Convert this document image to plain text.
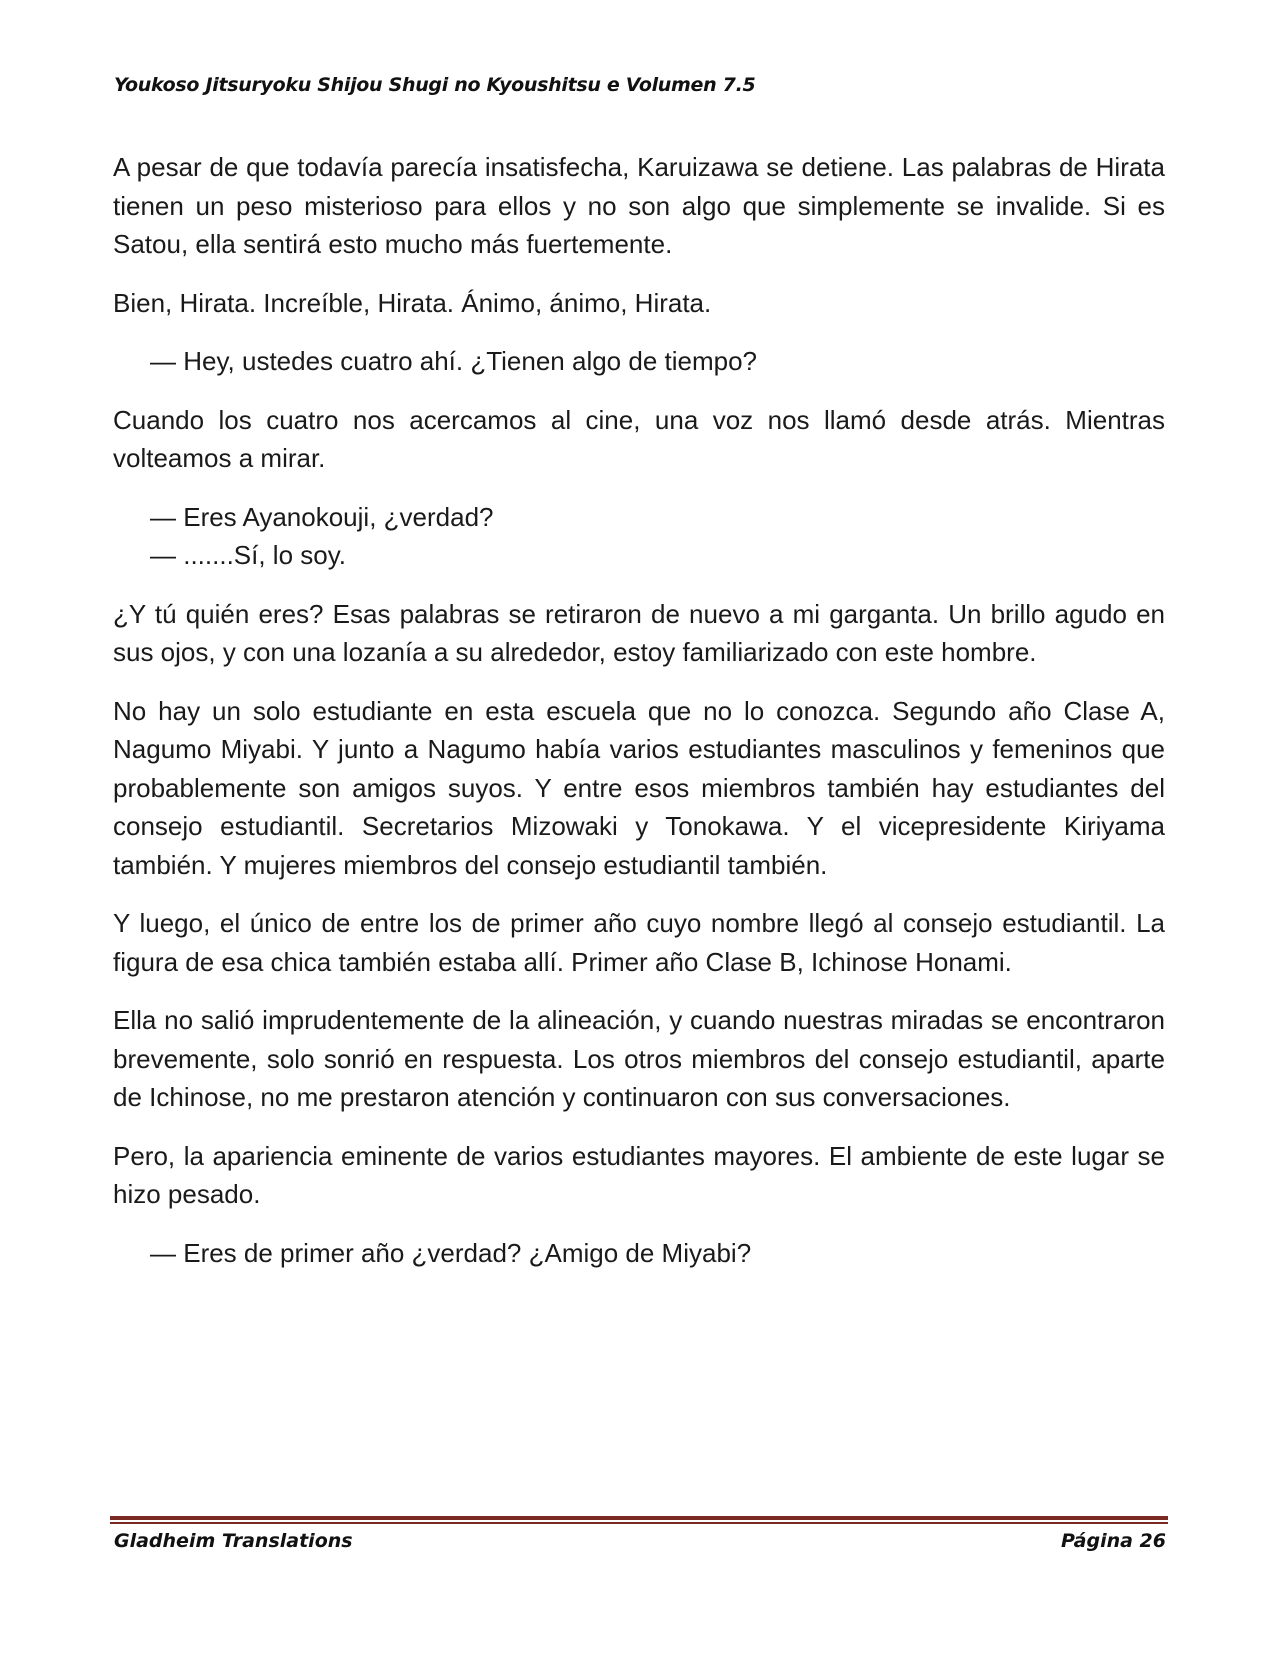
Youkoso Jitsuryoku Shijou Shugi no Kyoushitsu e Volumen 7.5

A pesar de que todavía parecía insatisfecha, Karuizawa se detiene. Las palabras de Hirata tienen un peso misterioso para ellos y no son algo que simplemente se invalide. Si es Satou, ella sentirá esto mucho más fuertemente.

Bien, Hirata. Increíble, Hirata. Ánimo, ánimo, Hirata.

— Hey, ustedes cuatro ahí. ¿Tienen algo de tiempo?

Cuando los cuatro nos acercamos al cine, una voz nos llamó desde atrás. Mientras volteamos a mirar.

— Eres Ayanokouji, ¿verdad?
— .......Sí, lo soy.

¿Y tú quién eres? Esas palabras se retiraron de nuevo a mi garganta. Un brillo agudo en sus ojos, y con una lozanía a su alrededor, estoy familiarizado con este hombre.

No hay un solo estudiante en esta escuela que no lo conozca. Segundo año Clase A, Nagumo Miyabi. Y junto a Nagumo había varios estudiantes masculinos y femeninos que probablemente son amigos suyos. Y entre esos miembros también hay estudiantes del consejo estudiantil. Secretarios Mizowaki y Tonokawa. Y el vicepresidente Kiriyama también. Y mujeres miembros del consejo estudiantil también.

Y luego, el único de entre los de primer año cuyo nombre llegó al consejo estudiantil. La figura de esa chica también estaba allí. Primer año Clase B, Ichinose Honami.

Ella no salió imprudentemente de la alineación, y cuando nuestras miradas se encontraron brevemente, solo sonrió en respuesta. Los otros miembros del consejo estudiantil, aparte de Ichinose, no me prestaron atención y continuaron con sus conversaciones.

Pero, la apariencia eminente de varios estudiantes mayores. El ambiente de este lugar se hizo pesado.

— Eres de primer año ¿verdad? ¿Amigo de Miyabi?
Gladheim Translations	Página 26
